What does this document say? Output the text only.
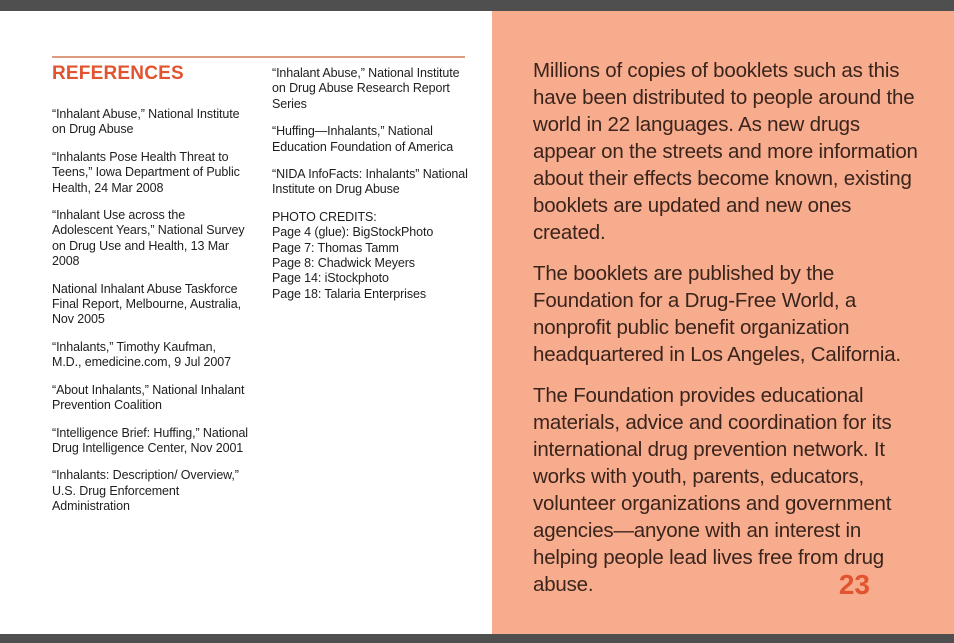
REFERENCES

“Inhalant Abuse,” National Institute on Drug Abuse

“Inhalants Pose Health Threat to Teens,” Iowa Department of Public Health, 24 Mar 2008

“Inhalant Use across the Adolescent Years,” National Survey on Drug Use and Health, 13 Mar 2008

National Inhalant Abuse Taskforce Final Report, Melbourne, Australia, Nov 2005

“Inhalants,” Timothy Kaufman, M.D., emedicine.com, 9 Jul 2007

“About Inhalants,” National Inhalant Prevention Coalition

“Intelligence Brief: Huffing,” National Drug Intelligence Center, Nov 2001

“Inhalants: Description/ Overview,” U.S. Drug Enforcement Administration

“Inhalant Abuse,” National Institute on Drug Abuse Research Report Series

“Huffing—Inhalants,” National Education Foundation of America

“NIDA InfoFacts: Inhalants” National Institute on Drug Abuse

PHOTO CREDITS:
Page 4 (glue): BigStockPhoto
Page 7: Thomas Tamm
Page 8: Chadwick Meyers
Page 14: iStockphoto
Page 18: Talaria Enterprises

Millions of copies of booklets such as this have been distributed to people around the world in 22 languages. As new drugs appear on the streets and more information about their effects become known, existing booklets are updated and new ones created.

The booklets are published by the Foundation for a Drug-Free World, a nonprofit public benefit organization headquartered in Los Angeles, California.

The Foundation provides educational materials, advice and coordination for its international drug prevention network. It works with youth, parents, educators, volunteer organizations and government agencies—anyone with an interest in helping people lead lives free from drug abuse.	23
